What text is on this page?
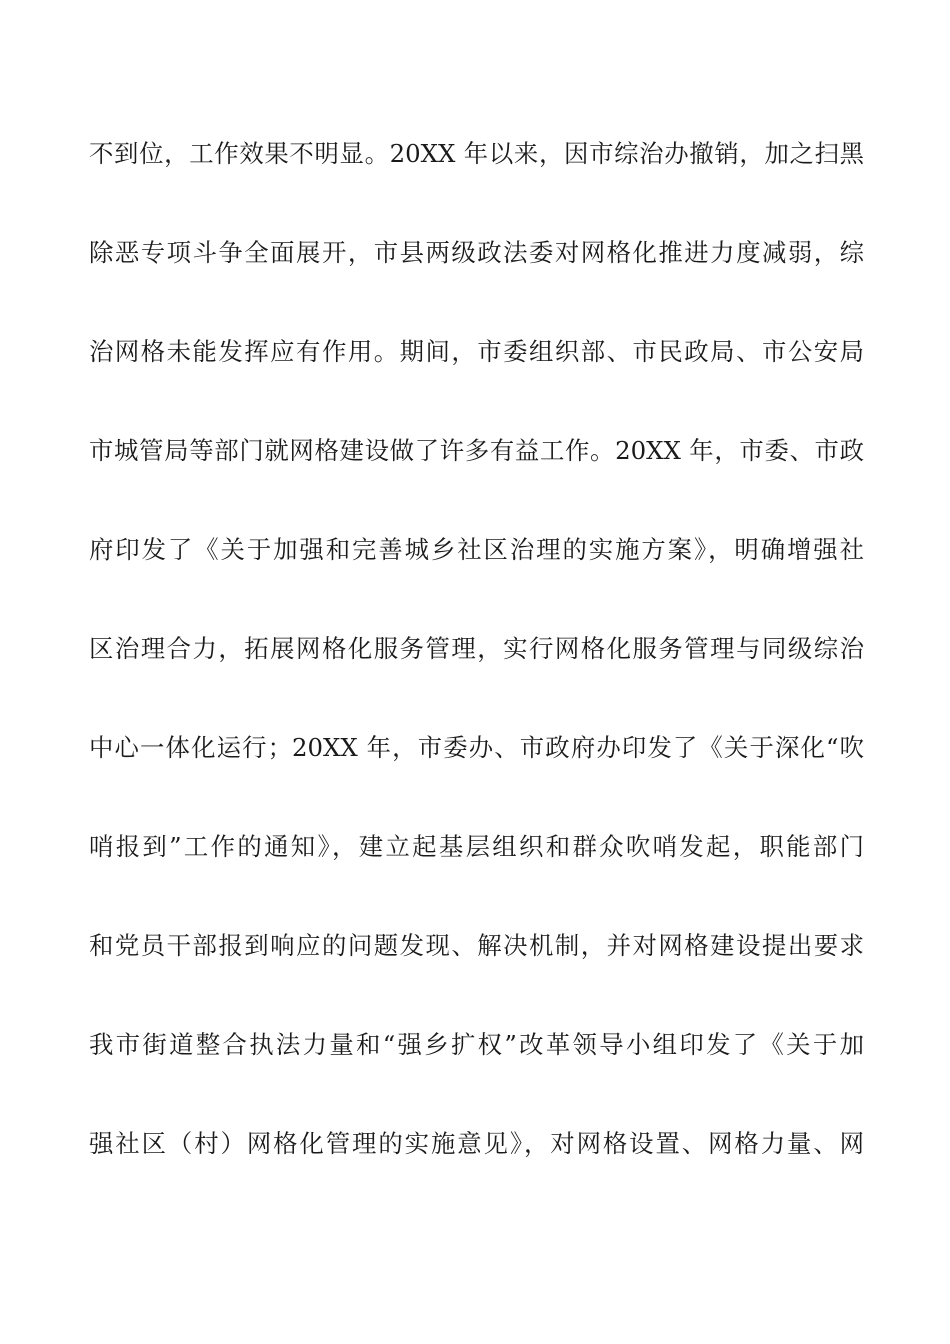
不到位，工作效果不明显。20XX 年以来，因市综治办撤销，加之扫黑
除恶专项斗争全面展开，市县两级政法委对网格化推进力度减弱，综
治网格未能发挥应有作用。期间，市委组织部、市民政局、市公安局
市城管局等部门就网格建设做了许多有益工作。20XX 年，市委、市政
府印发了《关于加强和完善城乡社区治理的实施方案》，明确增强社
区治理合力，拓展网格化服务管理，实行网格化服务管理与同级综治
中心一体化运行；20XX 年，市委办、市政府办印发了《关于深化“吹
哨报到”工作的通知》，建立起基层组织和群众吹哨发起，职能部门
和党员干部报到响应的问题发现、解决机制，并对网格建设提出要求
我市街道整合执法力量和“强乡扩权”改革领导小组印发了《关于加
强社区（村）网格化管理的实施意见》，对网格设置、网格力量、网
